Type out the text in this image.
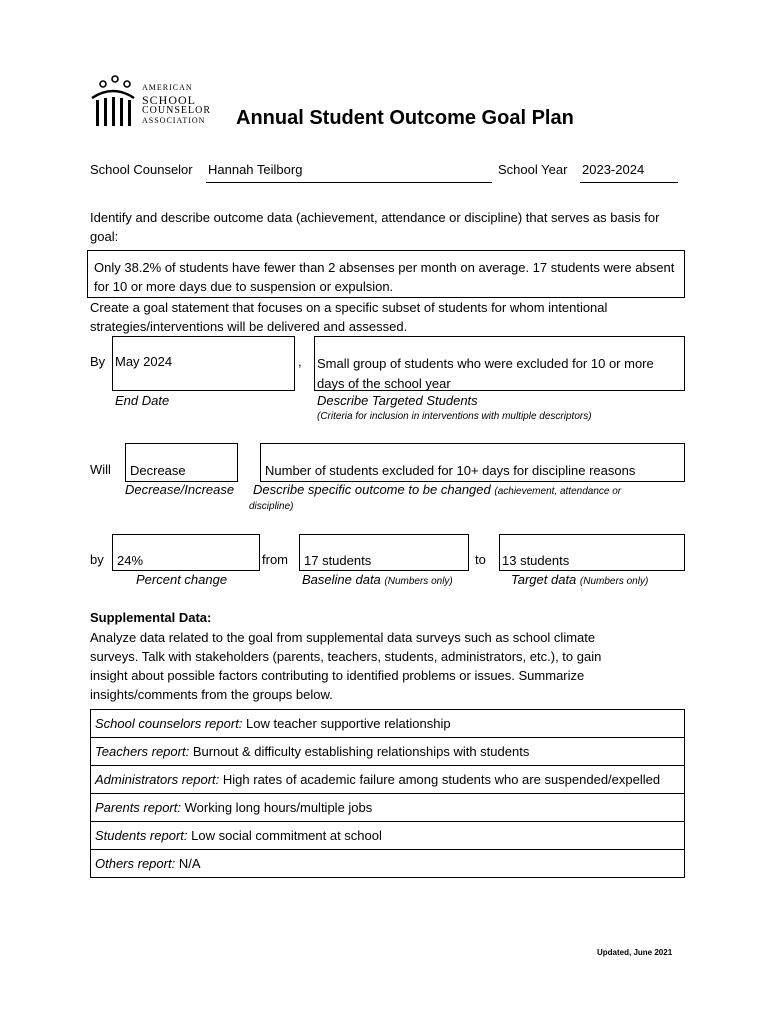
AMERICAN
SCHOOL
COUNSELOR
ASSOCIATION Annual Student Outcome Goal Plan
School Counselor Hannah Teilborg	School Year 2023-2024
Identify and describe outcome data (achievement, attendance or discipline) that serves as basis for goal:
Only 38.2% of students have fewer than 2 absenses per month on average. 17 students were absent for 10 or more days due to suspension or expulsion.
Create a goal statement that focuses on a specific subset of students for whom intentional strategies/interventions will be delivered and assessed.
By May 2024	, Small group of students who were excluded for 10 or more days of the school year
End Date	Describe Targeted Students
(Criteria for inclusion in interventions with multiple descriptors)
Will	Decrease	Number of students excluded for 10+ days for discipline reasons
Decrease/Increase Describe specific outcome to be changed (achievement, attendance or
discipline)
by	24%	from	17 students	to 13 students
Percent change	Baseline data (Numbers only)	Target data (Numbers only)
Supplemental Data:
Analyze data related to the goal from supplemental data surveys such as school climate surveys. Talk with stakeholders (parents, teachers, students, administrators, etc.), to gain insight about possible factors contributing to identified problems or issues. Summarize insights/comments from the groups below.
School counselors report: Low teacher supportive relationship
Teachers report: Burnout & difficulty establishing relationships with students
Administrators report: High rates of academic failure among students who are suspended/expelled
Parents report: Working long hours/multiple jobs
Students report: Low social commitment at school
Others report: N/A
Updated, June 2021
